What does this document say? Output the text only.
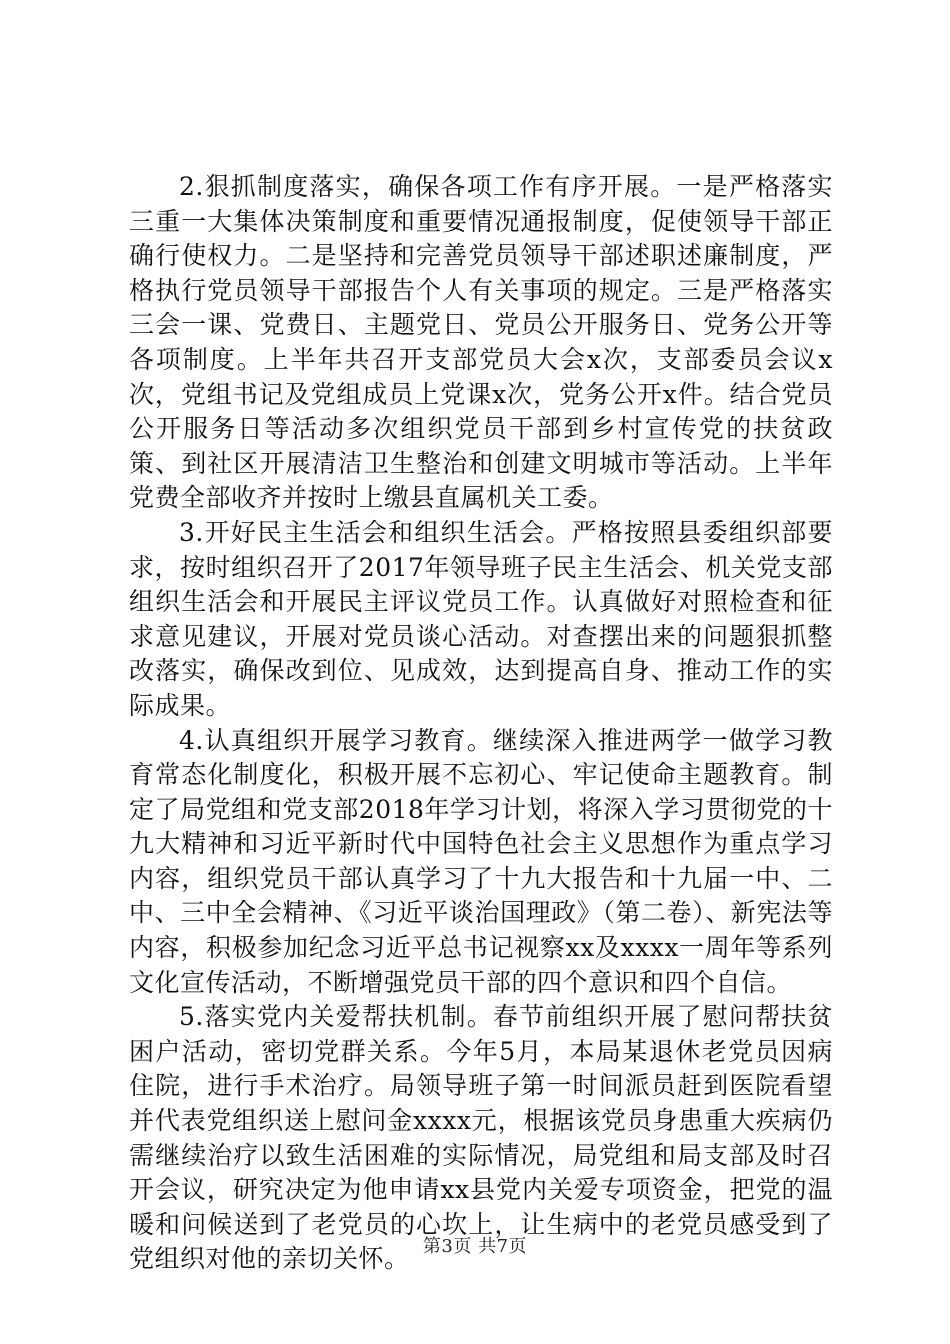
2.狠抓制度落实，确保各项工作有序开展。一是严格落实三重一大集体决策制度和重要情况通报制度，促使领导干部正确行使权力。二是坚持和完善党员领导干部述职述廉制度，严格执行党员领导干部报告个人有关事项的规定。三是严格落实三会一课、党费日、主题党日、党员公开服务日、党务公开等各项制度。上半年共召开支部党员大会x次，支部委员会议x次，党组书记及党组成员上党课x次，党务公开x件。结合党员公开服务日等活动多次组织党员干部到乡村宣传党的扶贫政策、到社区开展清洁卫生整治和创建文明城市等活动。上半年党费全部收齐并按时上缴县直属机关工委。

3.开好民主生活会和组织生活会。严格按照县委组织部要求，按时组织召开了2017年领导班子民主生活会、机关党支部组织生活会和开展民主评议党员工作。认真做好对照检查和征求意见建议，开展对党员谈心活动。对查摆出来的问题狠抓整改落实，确保改到位、见成效，达到提高自身、推动工作的实际成果。

4.认真组织开展学习教育。继续深入推进两学一做学习教育常态化制度化，积极开展不忘初心、牢记使命主题教育。制定了局党组和党支部2018年学习计划，将深入学习贯彻党的十九大精神和习近平新时代中国特色社会主义思想作为重点学习内容，组织党员干部认真学习了十九大报告和十九届一中、二中、三中全会精神、《习近平谈治国理政》（第二卷）、新宪法等内容，积极参加纪念习近平总书记视察xx及xxxx一周年等系列文化宣传活动，不断增强党员干部的四个意识和四个自信。

5.落实党内关爱帮扶机制。春节前组织开展了慰问帮扶贫困户活动，密切党群关系。今年5月，本局某退休老党员因病住院，进行手术治疗。局领导班子第一时间派员赶到医院看望并代表党组织送上慰问金xxxx元，根据该党员身患重大疾病仍需继续治疗以致生活困难的实际情况，局党组和局支部及时召开会议，研究决定为他申请xx县党内关爱专项资金，把党的温暖和问候送到了老党员的心坎上，让生病中的老党员感受到了党组织对他的亲切关怀。 第3页 共7页
